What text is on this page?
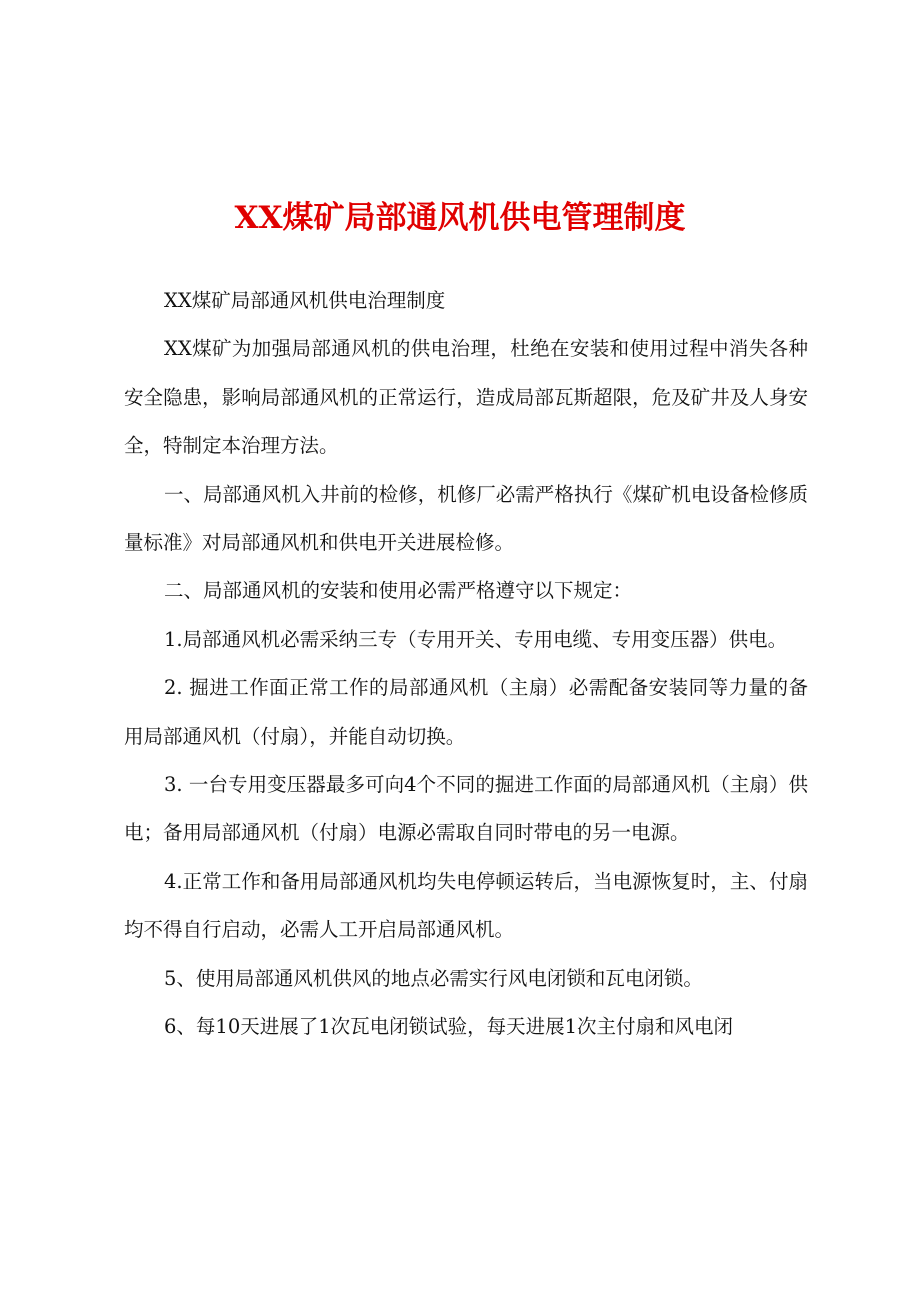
XX煤矿局部通风机供电管理制度

XX煤矿局部通风机供电治理制度

XX煤矿为加强局部通风机的供电治理，杜绝在安装和使用过程中消失各种安全隐患，影响局部通风机的正常运行，造成局部瓦斯超限，危及矿井及人身安全，特制定本治理方法。

一、局部通风机入井前的检修，机修厂必需严格执行《煤矿机电设备检修质量标准》对局部通风机和供电开关进展检修。

二、局部通风机的安装和使用必需严格遵守以下规定：

1.局部通风机必需采纳三专（专用开关、专用电缆、专用变压器）供电。

2. 掘进工作面正常工作的局部通风机（主扇）必需配备安装同等力量的备用局部通风机（付扇），并能自动切换。

3. 一台专用变压器最多可向4个不同的掘进工作面的局部通风机（主扇）供电；备用局部通风机（付扇）电源必需取自同时带电的另一电源。

4.正常工作和备用局部通风机均失电停顿运转后，当电源恢复时，主、付扇均不得自行启动，必需人工开启局部通风机。

5、使用局部通风机供风的地点必需实行风电闭锁和瓦电闭锁。

6、每10天进展了1次瓦电闭锁试验，每天进展1次主付扇和风电闭
